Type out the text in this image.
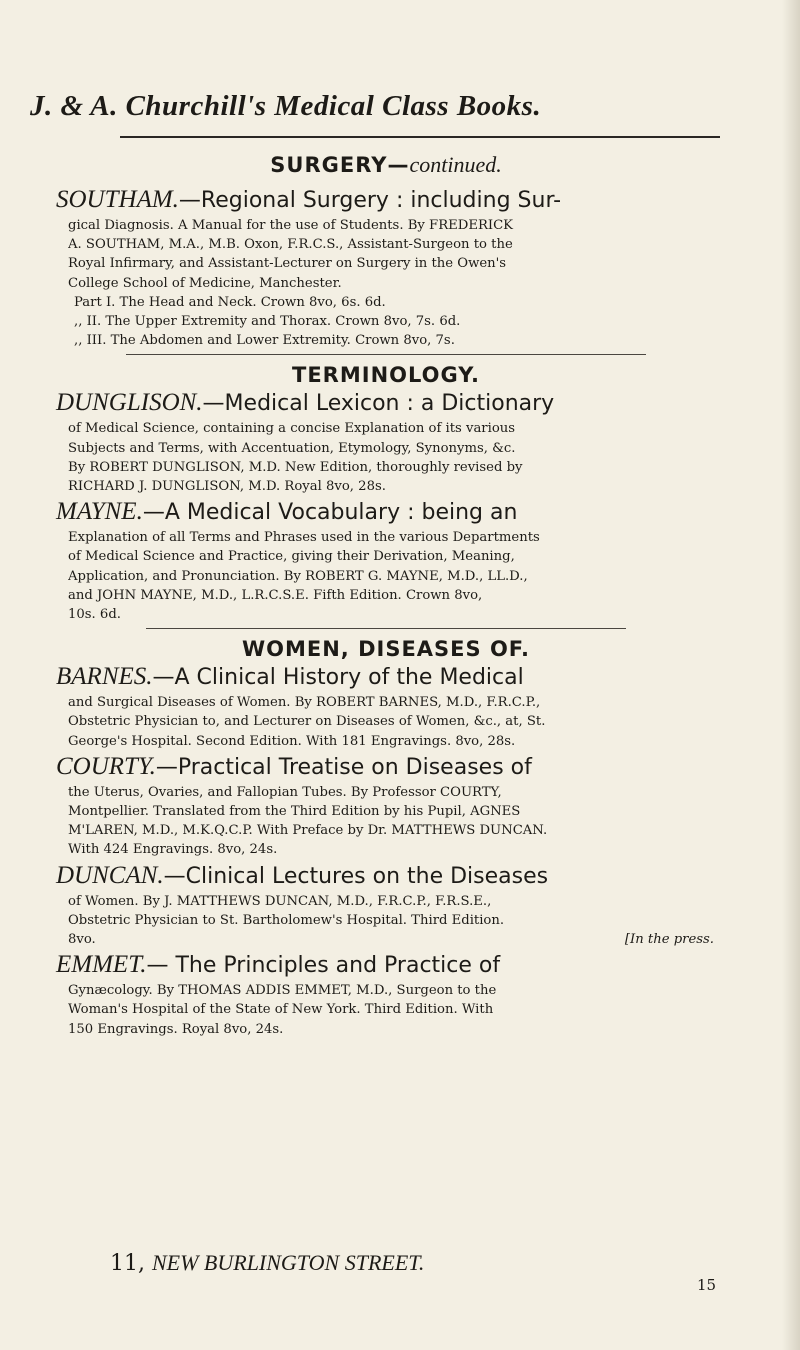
J. & A. Churchill's Medical Class Books.

SURGERY—continued.

SOUTHAM.—Regional Surgery : including Sur-

gical Diagnosis. A Manual for the use of Students. By FREDERICK
A. SOUTHAM, M.A., M.B. Oxon, F.R.C.S., Assistant-Surgeon to the
Royal Infirmary, and Assistant-Lecturer on Surgery in the Owen's
College School of Medicine, Manchester.
Part I. The Head and Neck. Crown 8vo, 6s. 6d.
,, II. The Upper Extremity and Thorax. Crown 8vo, 7s. 6d.
,, III. The Abdomen and Lower Extremity. Crown 8vo, 7s.

TERMINOLOGY.

DUNGLISON.—Medical Lexicon : a Dictionary

of Medical Science, containing a concise Explanation of its various
Subjects and Terms, with Accentuation, Etymology, Synonyms, &c.
By ROBERT DUNGLISON, M.D. New Edition, thoroughly revised by
RICHARD J. DUNGLISON, M.D. Royal 8vo, 28s.

MAYNE.—A Medical Vocabulary : being an

Explanation of all Terms and Phrases used in the various Departments
of Medical Science and Practice, giving their Derivation, Meaning,
Application, and Pronunciation. By ROBERT G. MAYNE, M.D., LL.D.,
and JOHN MAYNE, M.D., L.R.C.S.E. Fifth Edition. Crown 8vo,
10s. 6d.

WOMEN, DISEASES OF.

BARNES.—A Clinical History of the Medical

and Surgical Diseases of Women. By ROBERT BARNES, M.D., F.R.C.P.,
Obstetric Physician to, and Lecturer on Diseases of Women, &c., at, St.
George's Hospital. Second Edition. With 181 Engravings. 8vo, 28s.

COURTY.—Practical Treatise on Diseases of

the Uterus, Ovaries, and Fallopian Tubes. By Professor COURTY,
Montpellier. Translated from the Third Edition by his Pupil, AGNES
M'LAREN, M.D., M.K.Q.C.P. With Preface by Dr. MATTHEWS DUNCAN.
With 424 Engravings. 8vo, 24s.

DUNCAN.—Clinical Lectures on the Diseases

of Women. By J. MATTHEWS DUNCAN, M.D., F.R.C.P., F.R.S.E.,
Obstetric Physician to St. Bartholomew's Hospital. Third Edition.
8vo.	[In the press.

EMMET.— The Principles and Practice of

Gynæcology. By THOMAS ADDIS EMMET, M.D., Surgeon to the
Woman's Hospital of the State of New York. Third Edition. With
150 Engravings. Royal 8vo, 24s.
11, NEW BURLINGTON STREET.
15
